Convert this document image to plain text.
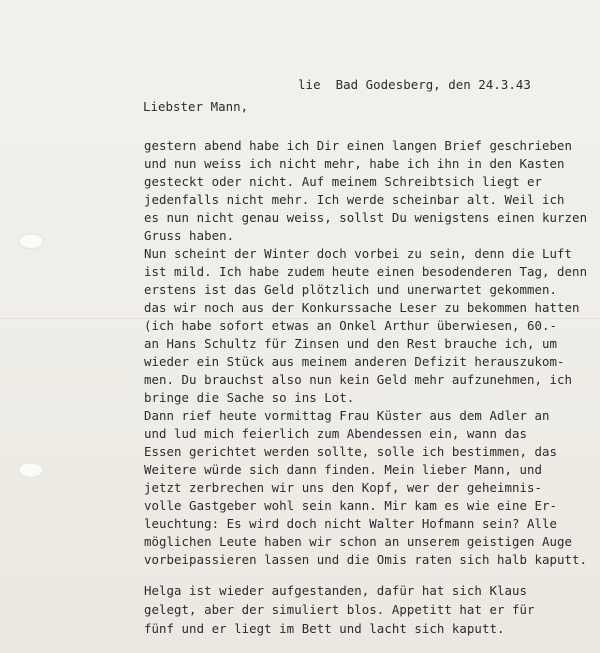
lie Bad Godesberg, den 24.3.43

Liebster Mann,
gestern abend habe ich Dir einen langen Brief geschrieben
und nun weiss ich nicht mehr, habe ich ihn in den Kasten
gesteckt oder nicht. Auf meinem Schreibtsich liegt er
jedenfalls nicht mehr. Ich werde scheinbar alt. Weil ich
es nun nicht genau weiss, sollst Du wenigstens einen kurzen
Gruss haben.
Nun scheint der Winter doch vorbei zu sein, denn die Luft
ist mild. Ich habe zudem heute einen besodenderen Tag, denn
erstens ist das Geld plötzlich und unerwartet gekommen.
das wir noch aus der Konkurssache Leser zu bekommen hatten
(ich habe sofort etwas an Onkel Arthur überwiesen, 60.-
an Hans Schultz für Zinsen und den Rest brauche ich, um
wieder ein Stück aus meinem anderen Defizit herauszukom-
men. Du brauchst also nun kein Geld mehr aufzunehmen, ich
bringe die Sache so ins Lot.
Dann rief heute vormittag Frau Küster aus dem Adler an
und lud mich feierlich zum Abendessen ein, wann das
Essen gerichtet werden sollte, solle ich bestimmen, das
Weitere würde sich dann finden. Mein lieber Mann, und
jetzt zerbrechen wir uns den Kopf, wer der geheimnis-
volle Gastgeber wohl sein kann. Mir kam es wie eine Er-
leuchtung: Es wird doch nicht Walter Hofmann sein? Alle
möglichen Leute haben wir schon an unserem geistigen Auge
vorbeipassieren lassen und die Omis raten sich halb kaputt.
Helga ist wieder aufgestanden, dafür hat sich Klaus
gelegt, aber der simuliert blos. Appetitt hat er für
fünf und er liegt im Bett und lacht sich kaputt.
